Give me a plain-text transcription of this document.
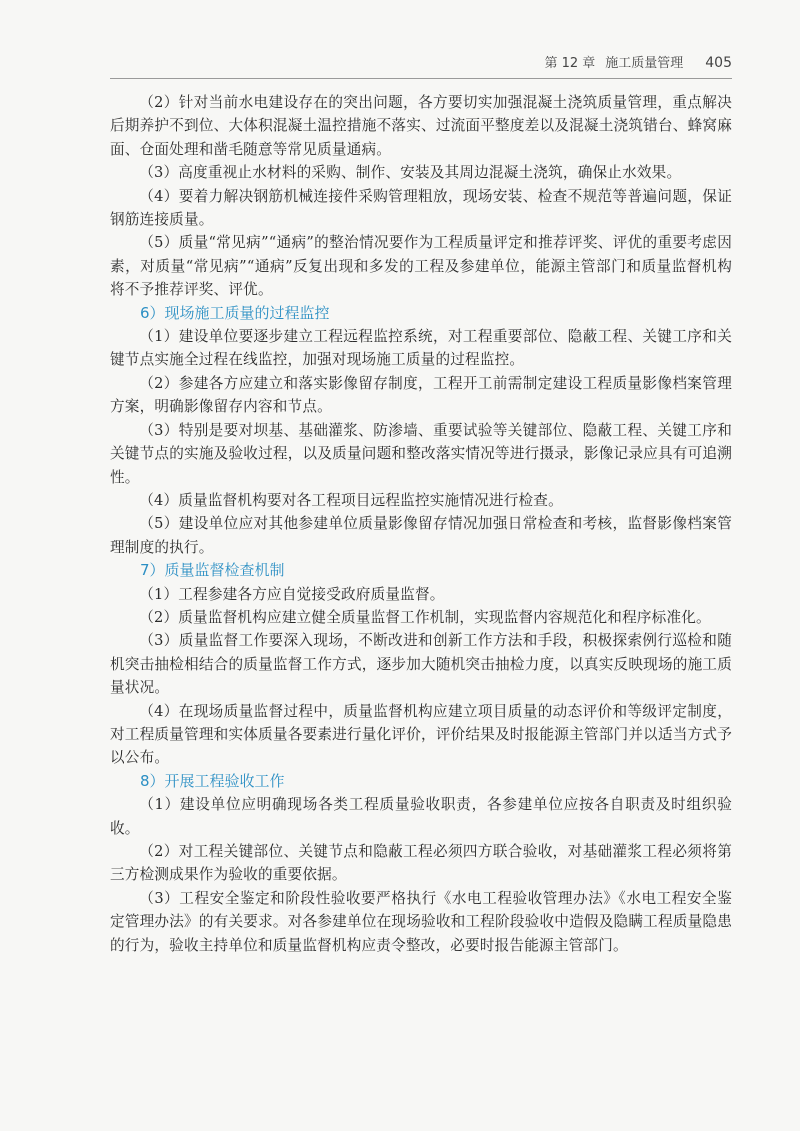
第 12 章 施工质量管理 405

（2）针对当前水电建设存在的突出问题，各方要切实加强混凝土浇筑质量管理，重点解决后期养护不到位、大体积混凝土温控措施不落实、过流面平整度差以及混凝土浇筑错台、蜂窝麻面、仓面处理和凿毛随意等常见质量通病。

（3）高度重视止水材料的采购、制作、安装及其周边混凝土浇筑，确保止水效果。

（4）要着力解决钢筋机械连接件采购管理粗放，现场安装、检查不规范等普遍问题，保证钢筋连接质量。

（5）质量“常见病”“通病”的整治情况要作为工程质量评定和推荐评奖、评优的重要考虑因素，对质量“常见病”“通病”反复出现和多发的工程及参建单位，能源主管部门和质量监督机构将不予推荐评奖、评优。

6）现场施工质量的过程监控

（1）建设单位要逐步建立工程远程监控系统，对工程重要部位、隐蔽工程、关键工序和关键节点实施全过程在线监控，加强对现场施工质量的过程监控。

（2）参建各方应建立和落实影像留存制度，工程开工前需制定建设工程质量影像档案管理方案，明确影像留存内容和节点。

（3）特别是要对坝基、基础灌浆、防渗墙、重要试验等关键部位、隐蔽工程、关键工序和关键节点的实施及验收过程，以及质量问题和整改落实情况等进行摄录，影像记录应具有可追溯性。

（4）质量监督机构要对各工程项目远程监控实施情况进行检查。

（5）建设单位应对其他参建单位质量影像留存情况加强日常检查和考核，监督影像档案管理制度的执行。

7）质量监督检查机制

（1）工程参建各方应自觉接受政府质量监督。

（2）质量监督机构应建立健全质量监督工作机制，实现监督内容规范化和程序标准化。

（3）质量监督工作要深入现场，不断改进和创新工作方法和手段，积极探索例行巡检和随机突击抽检相结合的质量监督工作方式，逐步加大随机突击抽检力度，以真实反映现场的施工质量状况。

（4）在现场质量监督过程中，质量监督机构应建立项目质量的动态评价和等级评定制度，对工程质量管理和实体质量各要素进行量化评价，评价结果及时报能源主管部门并以适当方式予以公布。

8）开展工程验收工作

（1）建设单位应明确现场各类工程质量验收职责，各参建单位应按各自职责及时组织验收。

（2）对工程关键部位、关键节点和隐蔽工程必须四方联合验收，对基础灌浆工程必须将第三方检测成果作为验收的重要依据。

（3）工程安全鉴定和阶段性验收要严格执行《水电工程验收管理办法》《水电工程安全鉴定管理办法》的有关要求。对各参建单位在现场验收和工程阶段验收中造假及隐瞒工程质量隐患的行为，验收主持单位和质量监督机构应责令整改，必要时报告能源主管部门。
